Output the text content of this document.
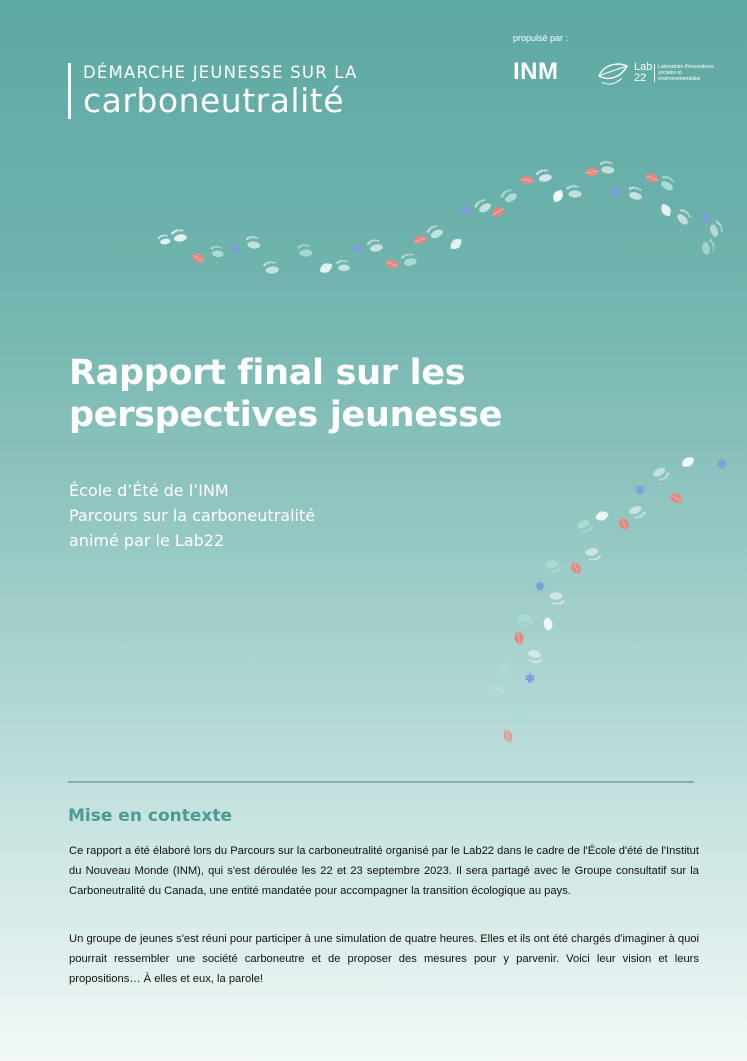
DÉMARCHE JEUNESSE SUR LA
carboneutralité
propulsé par :
INM	Lab 22
Laboratoire d'innovations sociales et environnementales
Rapport final sur les perspectives jeunesse
École d’Été de l’INM
Parcours sur la carboneutralité
animé par le Lab22
Mise en contexte

Ce rapport a été élaboré lors du Parcours sur la carboneutralité organisé par le Lab22 dans le cadre de l'École d'été de l'Institut du Nouveau Monde (INM), qui s'est déroulée les 22 et 23 septembre 2023. Il sera partagé avec le Groupe consultatif sur la Carboneutralité du Canada, une entité mandatée pour accompagner la transition écologique au pays.

Un groupe de jeunes s'est réuni pour participer à une simulation de quatre heures. Elles et ils ont été chargés d'imaginer à quoi pourrait ressembler une société carboneutre et de proposer des mesures pour y parvenir. Voici leur vision et leurs propositions… À elles et eux, la parole!
